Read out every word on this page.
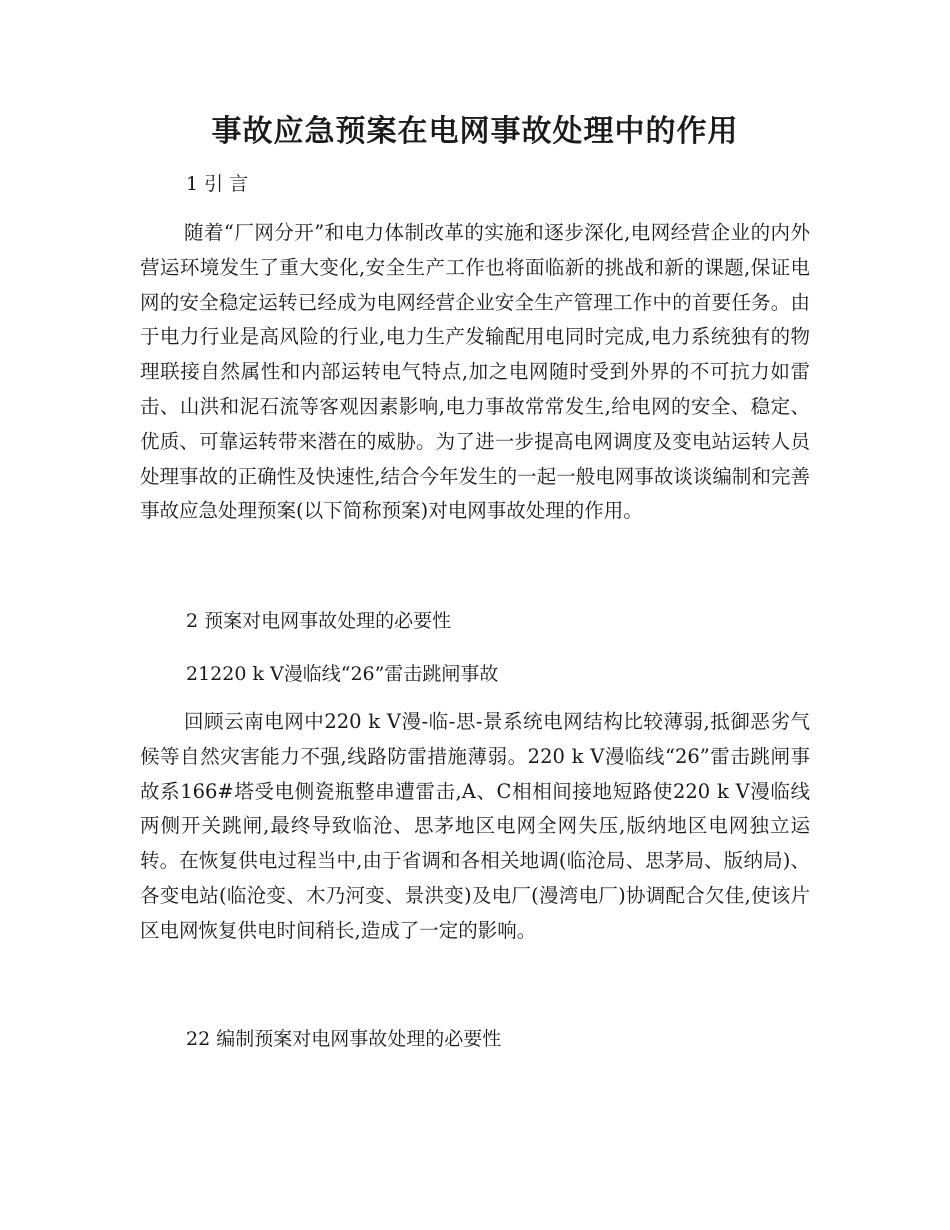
事故应急预案在电网事故处理中的作用
1 引 言

随着“厂网分开”和电力体制改革的实施和逐步深化,电网经营企业的内外营运环境发生了重大变化,安全生产工作也将面临新的挑战和新的课题,保证电网的安全稳定运转已经成为电网经营企业安全生产管理工作中的首要任务。由于电力行业是高风险的行业,电力生产发输配用电同时完成,电力系统独有的物理联接自然属性和内部运转电气特点,加之电网随时受到外界的不可抗力如雷击、山洪和泥石流等客观因素影响,电力事故常常发生,给电网的安全、稳定、优质、可靠运转带来潜在的威胁。为了进一步提高电网调度及变电站运转人员处理事故的正确性及快速性,结合今年发生的一起一般电网事故谈谈编制和完善事故应急处理预案(以下简称预案)对电网事故处理的作用。

2 预案对电网事故处理的必要性
21220 k V漫临线“26”雷击跳闸事故

回顾云南电网中220 k V漫-临-思-景系统电网结构比较薄弱,抵御恶劣气候等自然灾害能力不强,线路防雷措施薄弱。220 k V漫临线“26”雷击跳闸事故系166#塔受电侧瓷瓶整串遭雷击,A、C相相间接地短路使220 k V漫临线两侧开关跳闸,最终导致临沧、思茅地区电网全网失压,版纳地区电网独立运转。在恢复供电过程当中,由于省调和各相关地调(临沧局、思茅局、版纳局)、各变电站(临沧变、木乃河变、景洪变)及电厂(漫湾电厂)协调配合欠佳,使该片区电网恢复供电时间稍长,造成了一定的影响。

22 编制预案对电网事故处理的必要性
